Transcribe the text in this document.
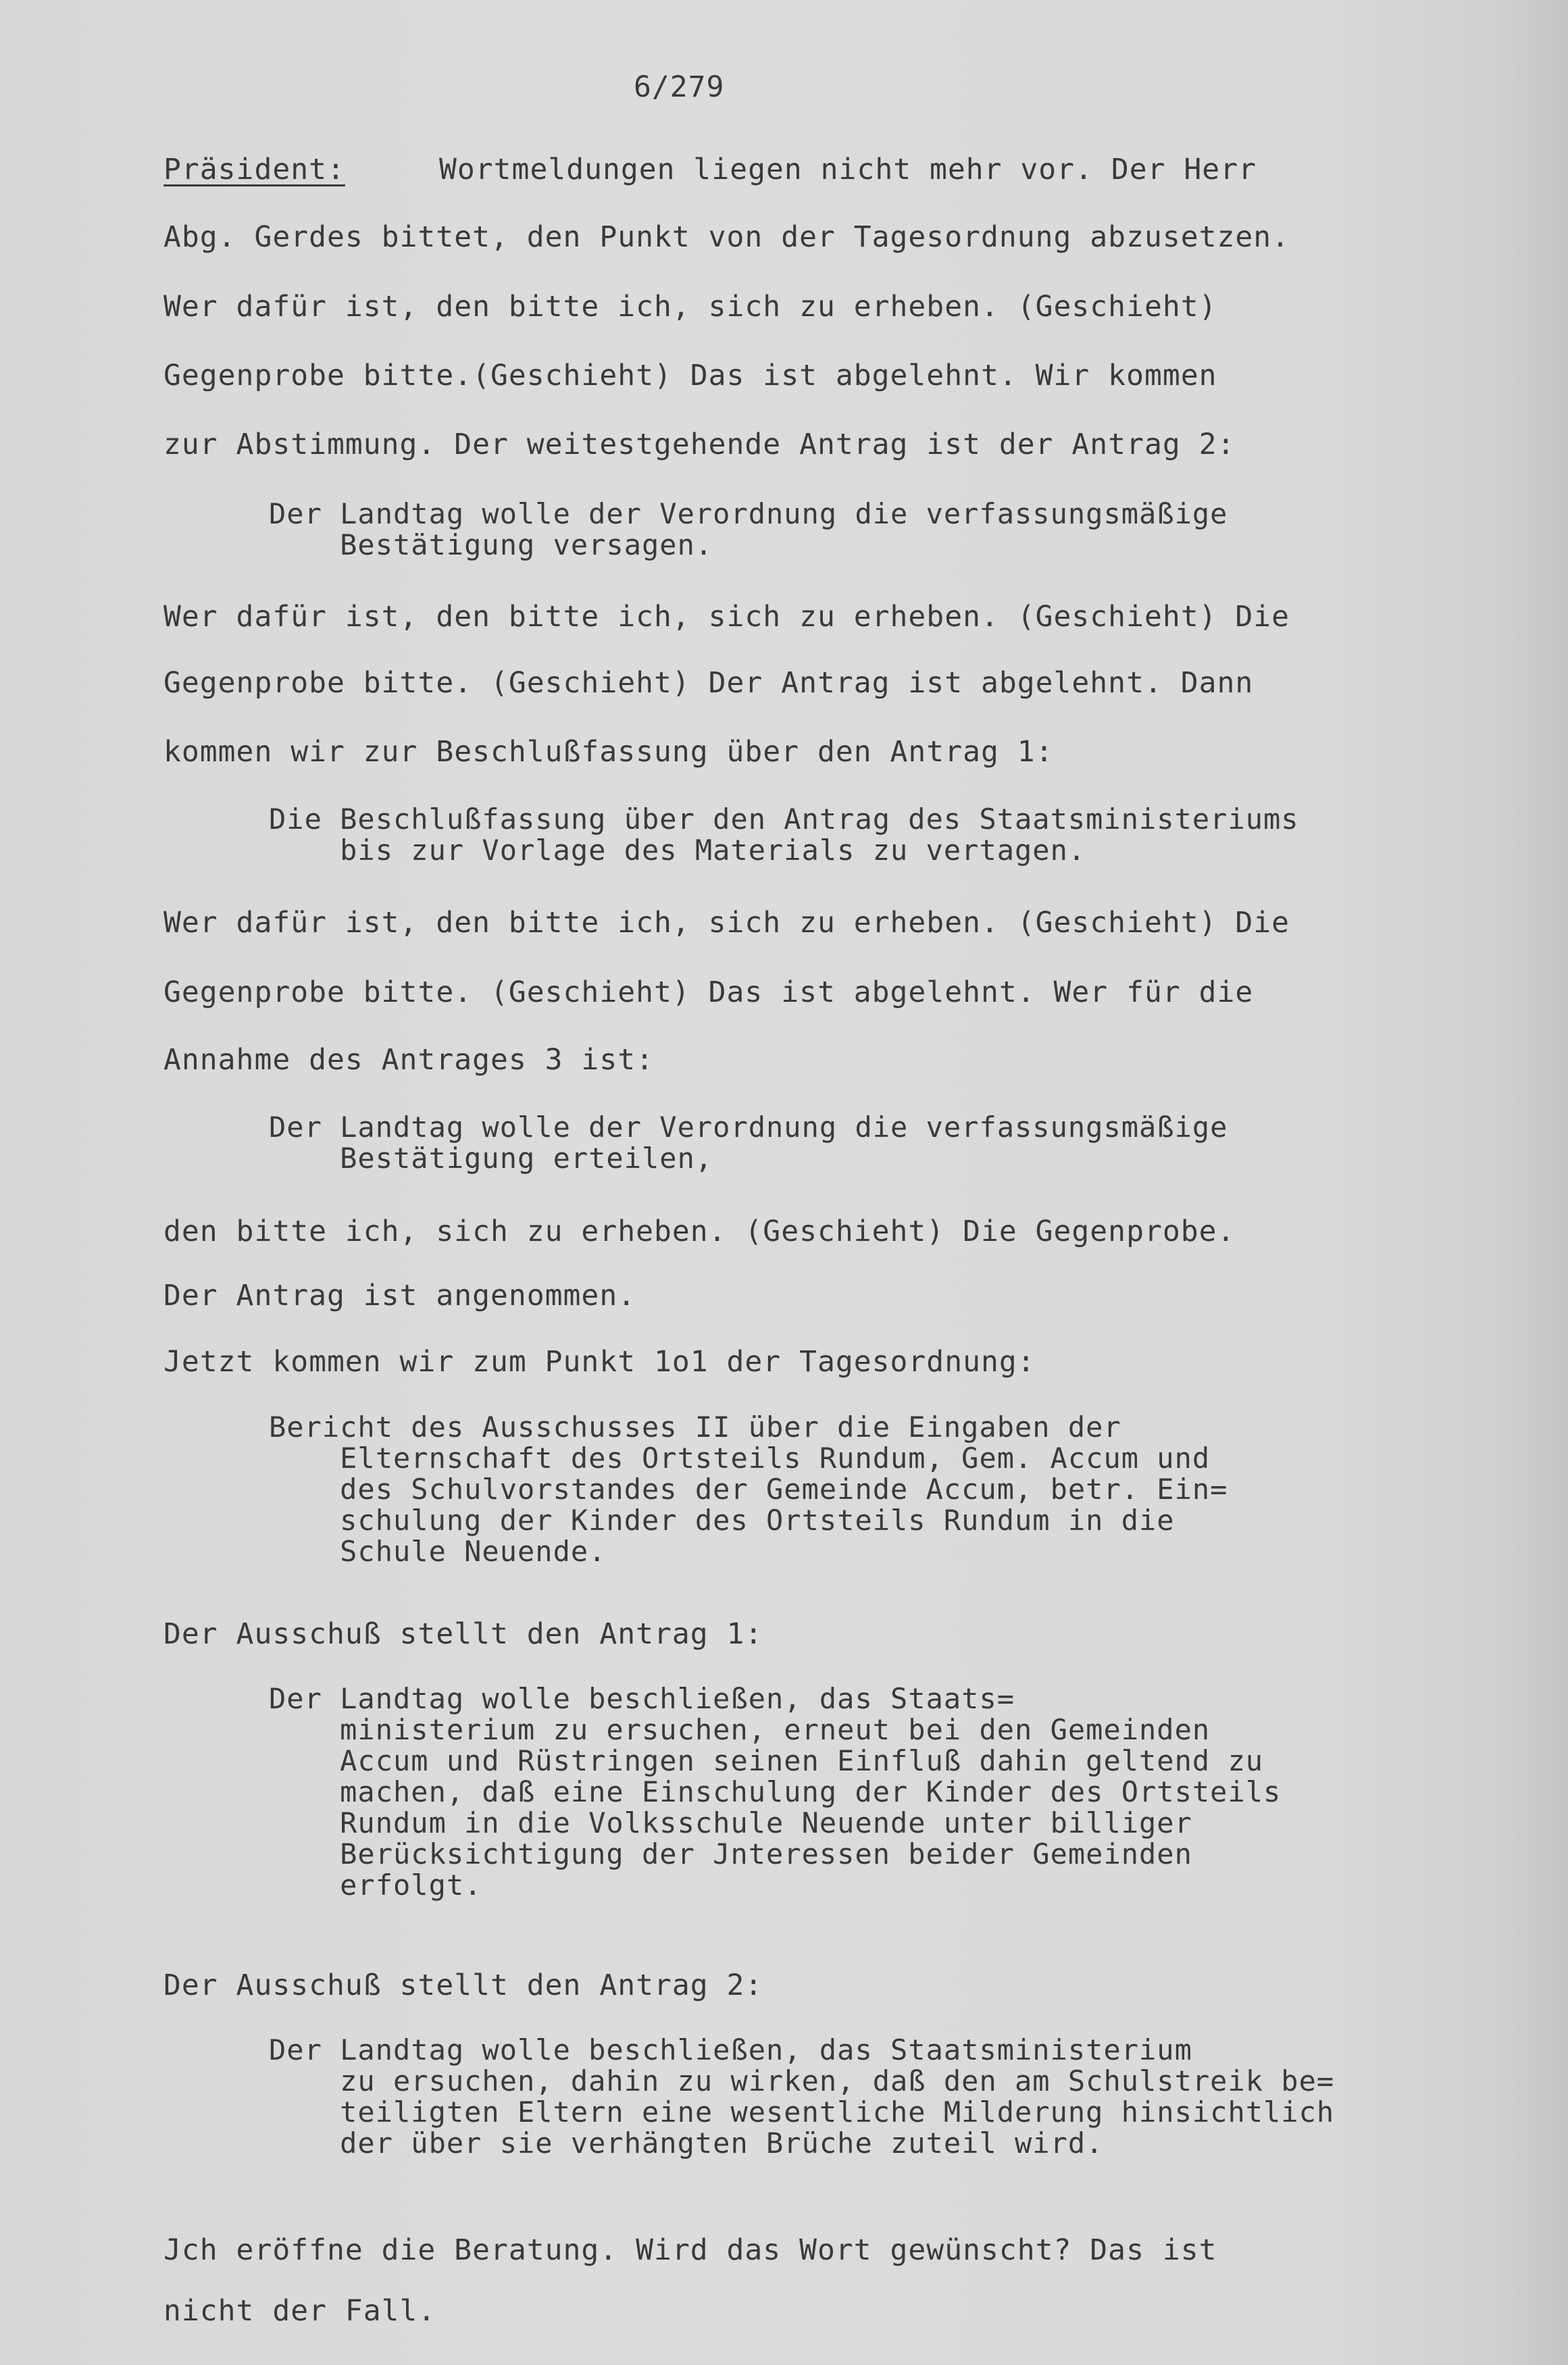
6/279
Präsident:	Wortmeldungen liegen nicht mehr vor. Der Herr
Abg. Gerdes bittet, den Punkt von der Tagesordnung abzusetzen.
Wer dafür ist, den bitte ich, sich zu erheben. (Geschieht)
Gegenprobe bitte.(Geschieht) Das ist abgelehnt. Wir kommen
zur Abstimmung. Der weitestgehende Antrag ist der Antrag 2:
Der Landtag wolle der Verordnung die verfassungsmäßige
Bestätigung versagen.
Wer dafür ist, den bitte ich, sich zu erheben. (Geschieht) Die
Gegenprobe bitte. (Geschieht) Der Antrag ist abgelehnt. Dann
kommen wir zur Beschlußfassung über den Antrag 1:
Die Beschlußfassung über den Antrag des Staatsministeriums
bis zur Vorlage des Materials zu vertagen.
Wer dafür ist, den bitte ich, sich zu erheben. (Geschieht) Die
Gegenprobe bitte. (Geschieht) Das ist abgelehnt. Wer für die
Annahme des Antrages 3 ist:
Der Landtag wolle der Verordnung die verfassungsmäßige
Bestätigung erteilen,
den bitte ich, sich zu erheben. (Geschieht) Die Gegenprobe.
Der Antrag ist angenommen.
Jetzt kommen wir zum Punkt 1o1 der Tagesordnung:
Bericht des Ausschusses II über die Eingaben der
Elternschaft des Ortsteils Rundum, Gem. Accum und
des Schulvorstandes der Gemeinde Accum, betr. Ein=
schulung der Kinder des Ortsteils Rundum in die
Schule Neuende.
Der Ausschuß stellt den Antrag 1:
Der Landtag wolle beschließen, das Staats=
ministerium zu ersuchen, erneut bei den Gemeinden
Accum und Rüstringen seinen Einfluß dahin geltend zu
machen, daß eine Einschulung der Kinder des Ortsteils
Rundum in die Volksschule Neuende unter billiger
Berücksichtigung der Jnteressen beider Gemeinden
erfolgt.
Der Ausschuß stellt den Antrag 2:
Der Landtag wolle beschließen, das Staatsministerium
zu ersuchen, dahin zu wirken, daß den am Schulstreik be=
teiligten Eltern eine wesentliche Milderung hinsichtlich
der über sie verhängten Brüche zuteil wird.
Jch eröffne die Beratung. Wird das Wort gewünscht? Das ist
nicht der Fall.
